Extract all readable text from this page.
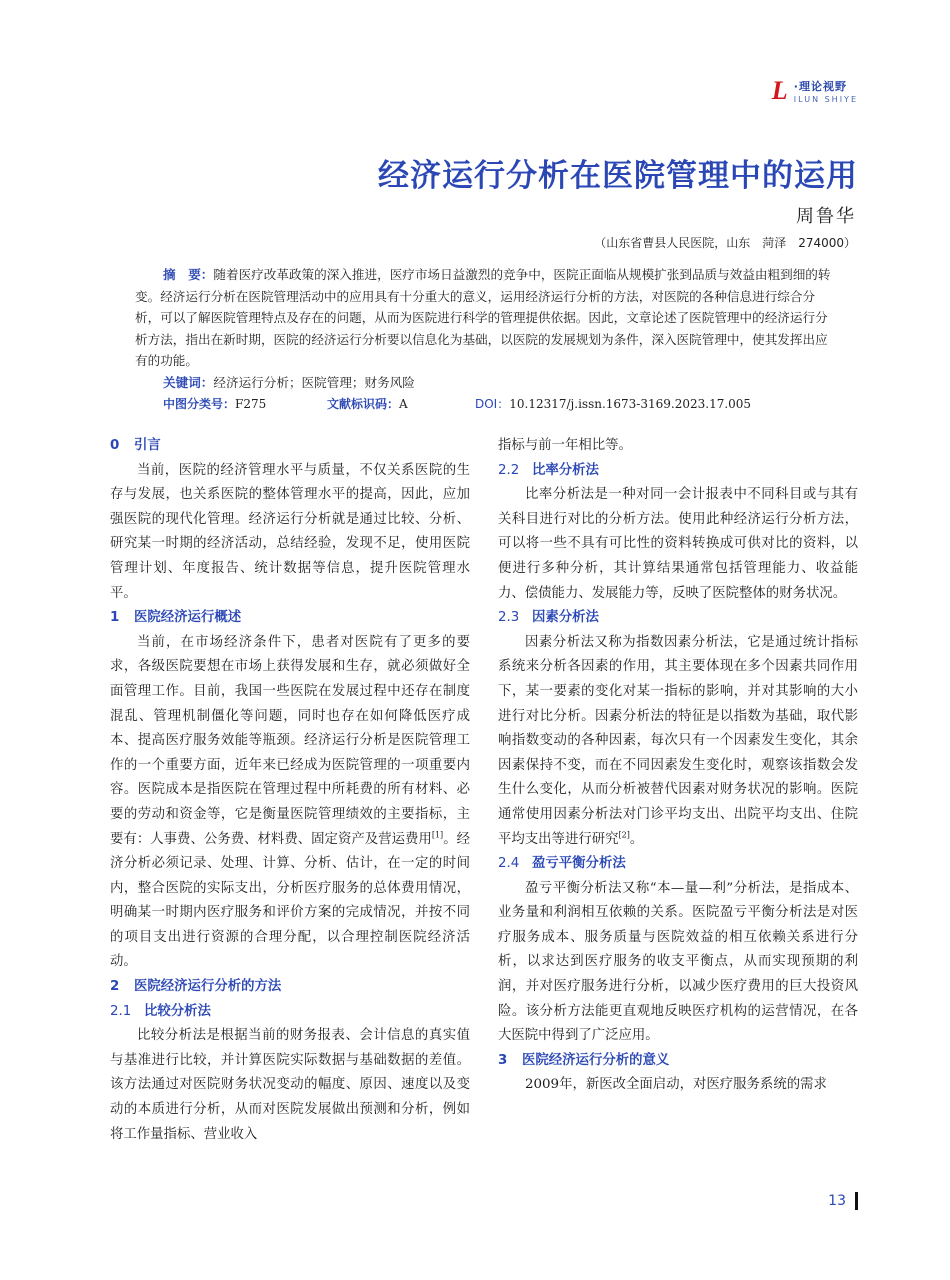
L ·理论视野
ILUN SHIYE
经济运行分析在医院管理中的运用
周鲁华
（山东省曹县人民医院，山东　菏泽　274000）

摘　要：随着医疗改革政策的深入推进，医疗市场日益激烈的竞争中，医院正面临从规模扩张到品质与效益由粗到细的转变。经济运行分析在医院管理活动中的应用具有十分重大的意义，运用经济运行分析的方法，对医院的各种信息进行综合分析，可以了解医院管理特点及存在的问题，从而为医院进行科学的管理提供依据。因此，文章论述了医院管理中的经济运行分析方法，指出在新时期，医院的经济运行分析要以信息化为基础，以医院的发展规划为条件，深入医院管理中，使其发挥出应有的功能。

关键词：经济运行分析；医院管理；财务风险
中图分类号：F275	文献标识码：A	DOI：10.12317/j.issn.1673-3169.2023.17.005
0 引言

当前，医院的经济管理水平与质量，不仅关系医院的生存与发展，也关系医院的整体管理水平的提高，因此，应加强医院的现代化管理。经济运行分析就是通过比较、分析、研究某一时期的经济活动，总结经验，发现不足，使用医院管理计划、年度报告、统计数据等信息，提升医院管理水平。

1 医院经济运行概述

当前，在市场经济条件下，患者对医院有了更多的要求，各级医院要想在市场上获得发展和生存，就必须做好全面管理工作。目前，我国一些医院在发展过程中还存在制度混乱、管理机制僵化等问题，同时也存在如何降低医疗成本、提高医疗服务效能等瓶颈。经济运行分析是医院管理工作的一个重要方面，近年来已经成为医院管理的一项重要内容。医院成本是指医院在管理过程中所耗费的所有材料、必要的劳动和资金等，它是衡量医院管理绩效的主要指标，主要有：人事费、公务费、材料费、固定资产及营运费用[1]。经济分析必须记录、处理、计算、分析、估计，在一定的时间内，整合医院的实际支出，分析医疗服务的总体费用情况，明确某一时期内医疗服务和评价方案的完成情况，并按不同的项目支出进行资源的合理分配，以合理控制医院经济活动。

2 医院经济运行分析的方法
2.1 比较分析法

比较分析法是根据当前的财务报表、会计信息的真实值与基准进行比较，并计算医院实际数据与基础数据的差值。该方法通过对医院财务状况变动的幅度、原因、速度以及变动的本质进行分析，从而对医院发展做出预测和分析，例如将工作量指标、营业收入

指标与前一年相比等。

2.2 比率分析法

比率分析法是一种对同一会计报表中不同科目或与其有关科目进行对比的分析方法。使用此种经济运行分析方法，可以将一些不具有可比性的资料转换成可供对比的资料，以便进行多种分析，其计算结果通常包括管理能力、收益能力、偿债能力、发展能力等，反映了医院整体的财务状况。

2.3 因素分析法

因素分析法又称为指数因素分析法，它是通过统计指标系统来分析各因素的作用，其主要体现在多个因素共同作用下，某一要素的变化对某一指标的影响，并对其影响的大小进行对比分析。因素分析法的特征是以指数为基础，取代影响指数变动的各种因素，每次只有一个因素发生变化，其余因素保持不变，而在不同因素发生变化时，观察该指数会发生什么变化，从而分析被替代因素对财务状况的影响。医院通常使用因素分析法对门诊平均支出、出院平均支出、住院平均支出等进行研究[2]。

2.4 盈亏平衡分析法

盈亏平衡分析法又称“本—量—利”分析法，是指成本、业务量和利润相互依赖的关系。医院盈亏平衡分析法是对医疗服务成本、服务质量与医院效益的相互依赖关系进行分析，以求达到医疗服务的收支平衡点，从而实现预期的利润，并对医疗服务进行分析，以减少医疗费用的巨大投资风险。该分析方法能更直观地反映医疗机构的运营情况，在各大医院中得到了广泛应用。

3 医院经济运行分析的意义

2009年，新医改全面启动，对医疗服务系统的需求

13
